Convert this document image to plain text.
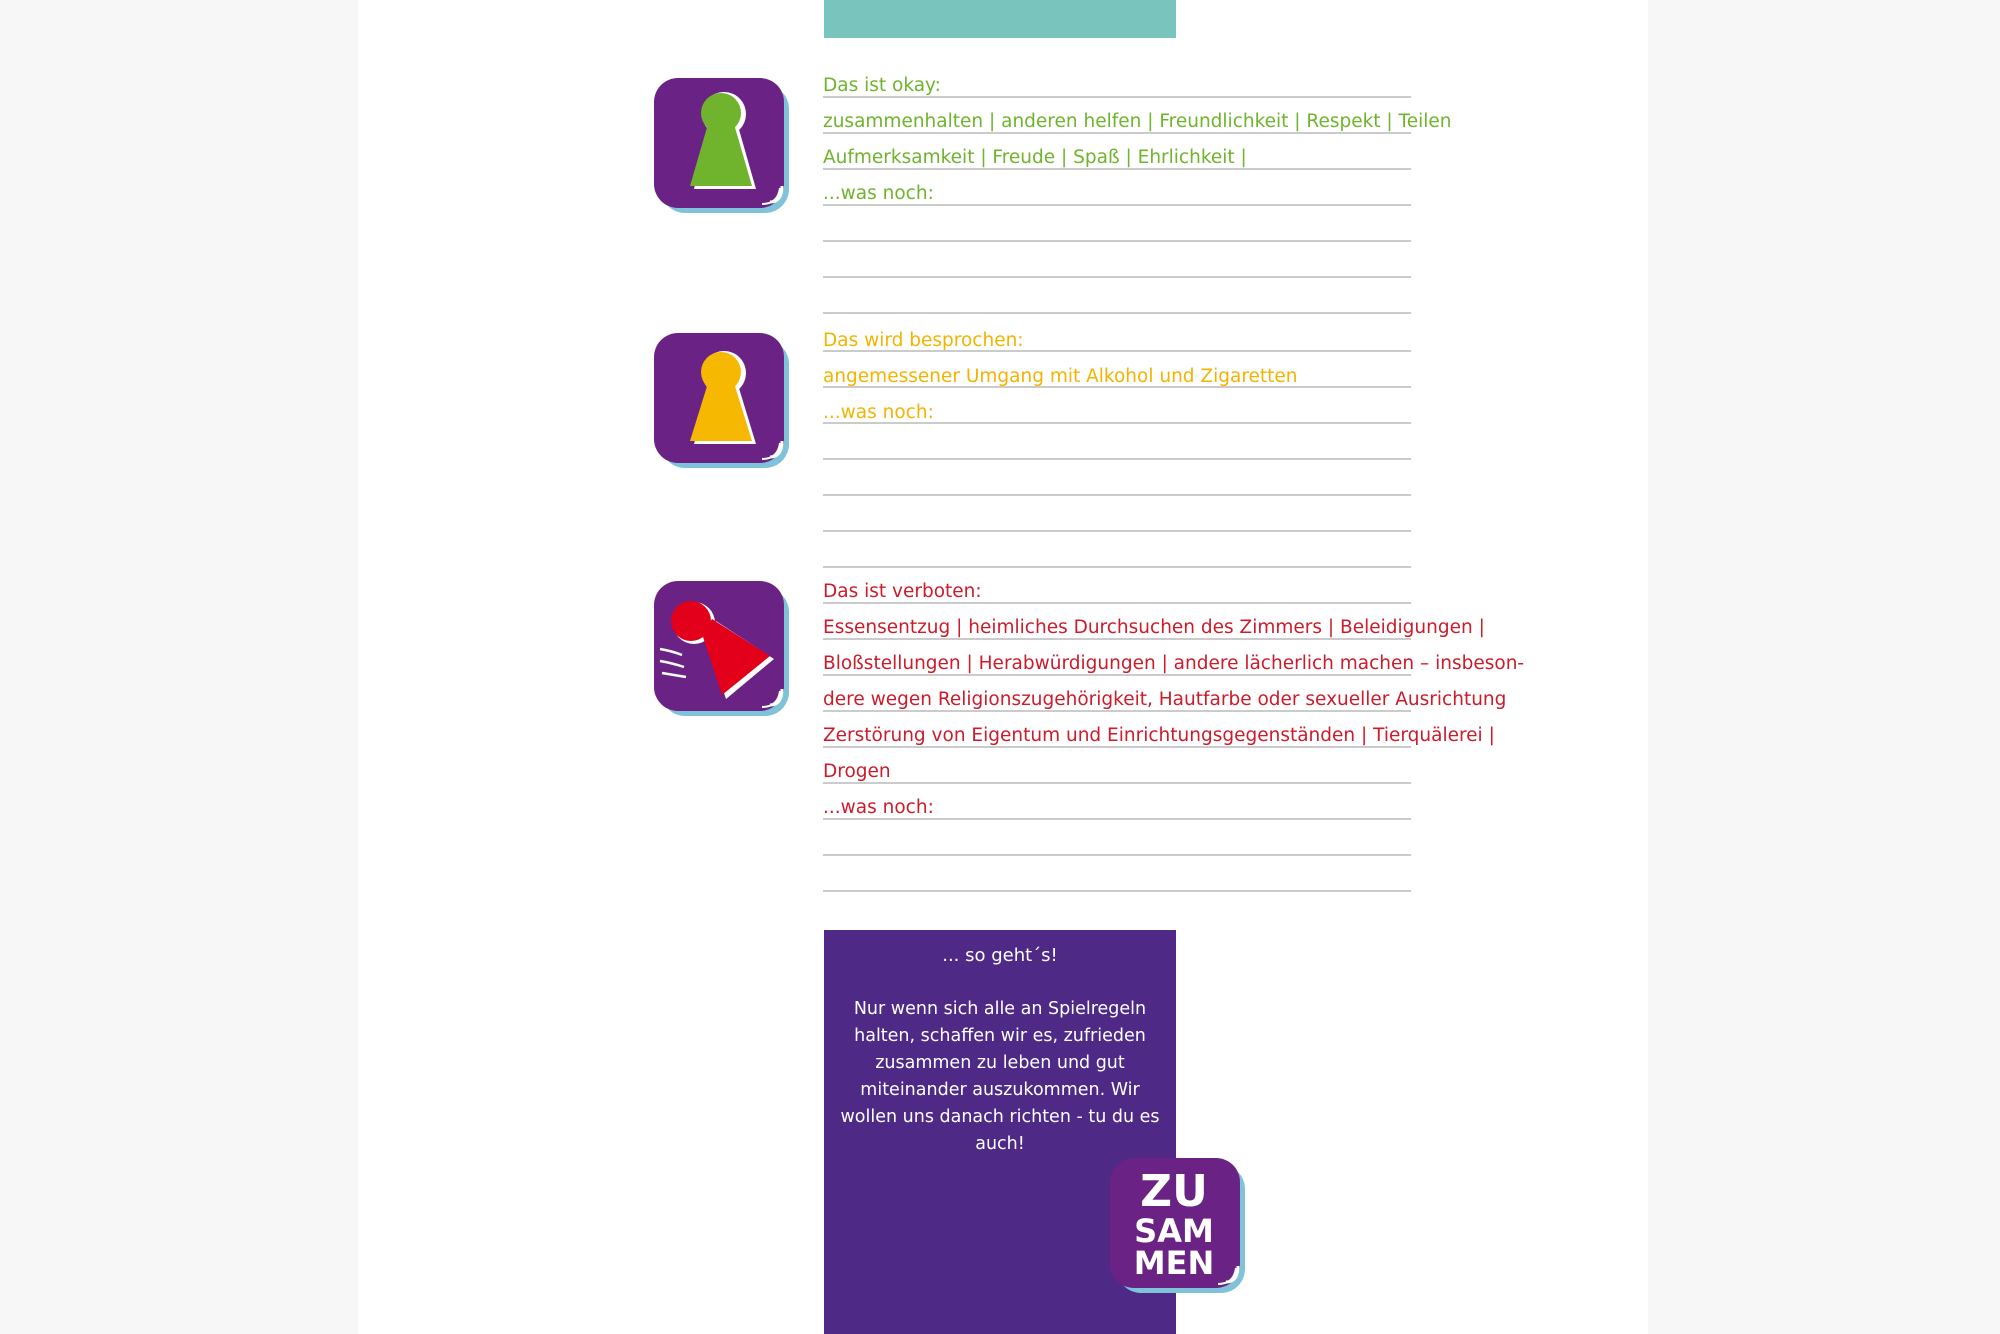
Das ist okay:
zusammenhalten | anderen helfen | Freundlichkeit | Respekt | Teilen
Aufmerksamkeit | Freude | Spaß | Ehrlichkeit |
...was noch:
Das wird besprochen:
angemessener Umgang mit Alkohol und Zigaretten
...was noch:
Das ist verboten:
Essensentzug | heimliches Durchsuchen des Zimmers | Beleidigungen |
Bloßstellungen | Herabwürdigungen | andere lächerlich machen – insbeson-
dere wegen Religionszugehörigkeit, Hautfarbe oder sexueller Ausrichtung
Zerstörung von Eigentum und Einrichtungsgegenständen | Tierquälerei |
Drogen
...was noch:
... so geht´s!
Nur wenn sich alle an Spielregeln halten, schaffen wir es, zufrieden zusammen zu leben und gut miteinander auszukommen. Wir wollen uns danach richten - tu du es auch!
ZU
SAM
MEN
